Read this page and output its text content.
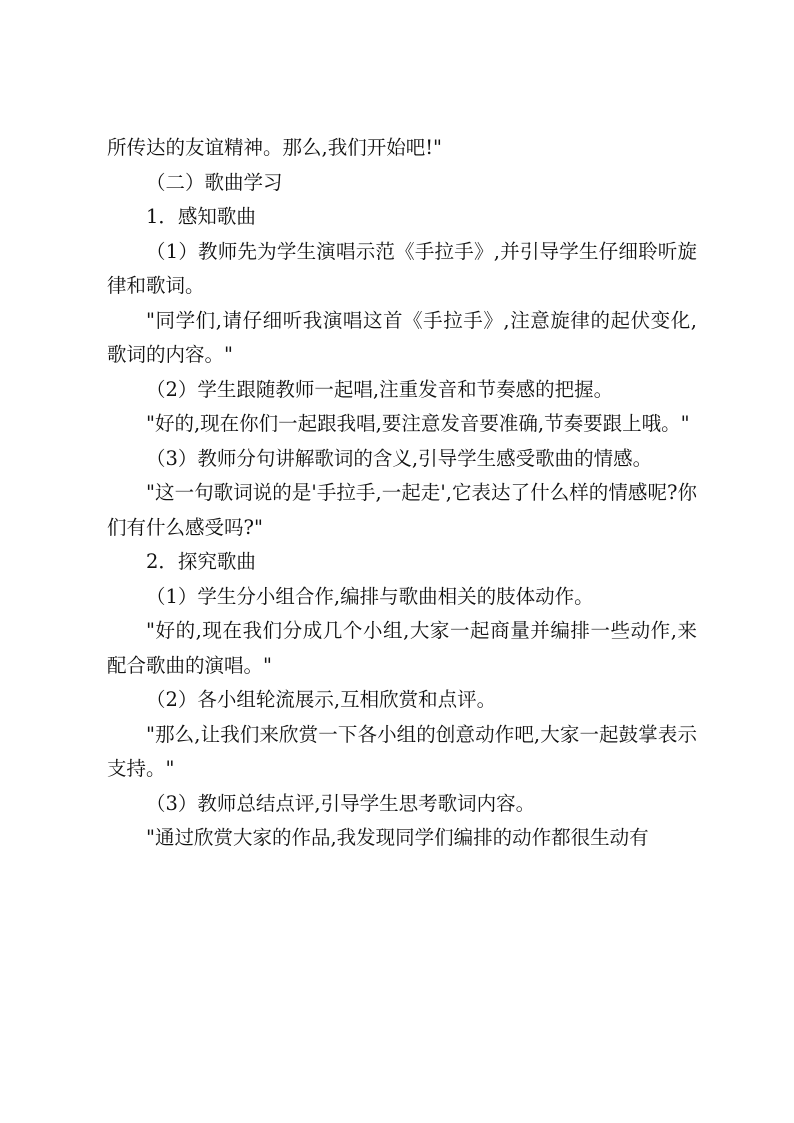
所传达的友谊精神。那么,我们开始吧!"

（二）歌曲学习

1．感知歌曲

（1）教师先为学生演唱示范《手拉手》,并引导学生仔细聆听旋律和歌词。

"同学们,请仔细听我演唱这首《手拉手》,注意旋律的起伏变化,歌词的内容。"

（2）学生跟随教师一起唱,注重发音和节奏感的把握。

"好的,现在你们一起跟我唱,要注意发音要准确,节奏要跟上哦。"

（3）教师分句讲解歌词的含义,引导学生感受歌曲的情感。

"这一句歌词说的是'手拉手,一起走',它表达了什么样的情感呢?你们有什么感受吗?"

2．探究歌曲

（1）学生分小组合作,编排与歌曲相关的肢体动作。

"好的,现在我们分成几个小组,大家一起商量并编排一些动作,来配合歌曲的演唱。"

（2）各小组轮流展示,互相欣赏和点评。

"那么,让我们来欣赏一下各小组的创意动作吧,大家一起鼓掌表示支持。"

（3）教师总结点评,引导学生思考歌词内容。

"通过欣赏大家的作品,我发现同学们编排的动作都很生动有
